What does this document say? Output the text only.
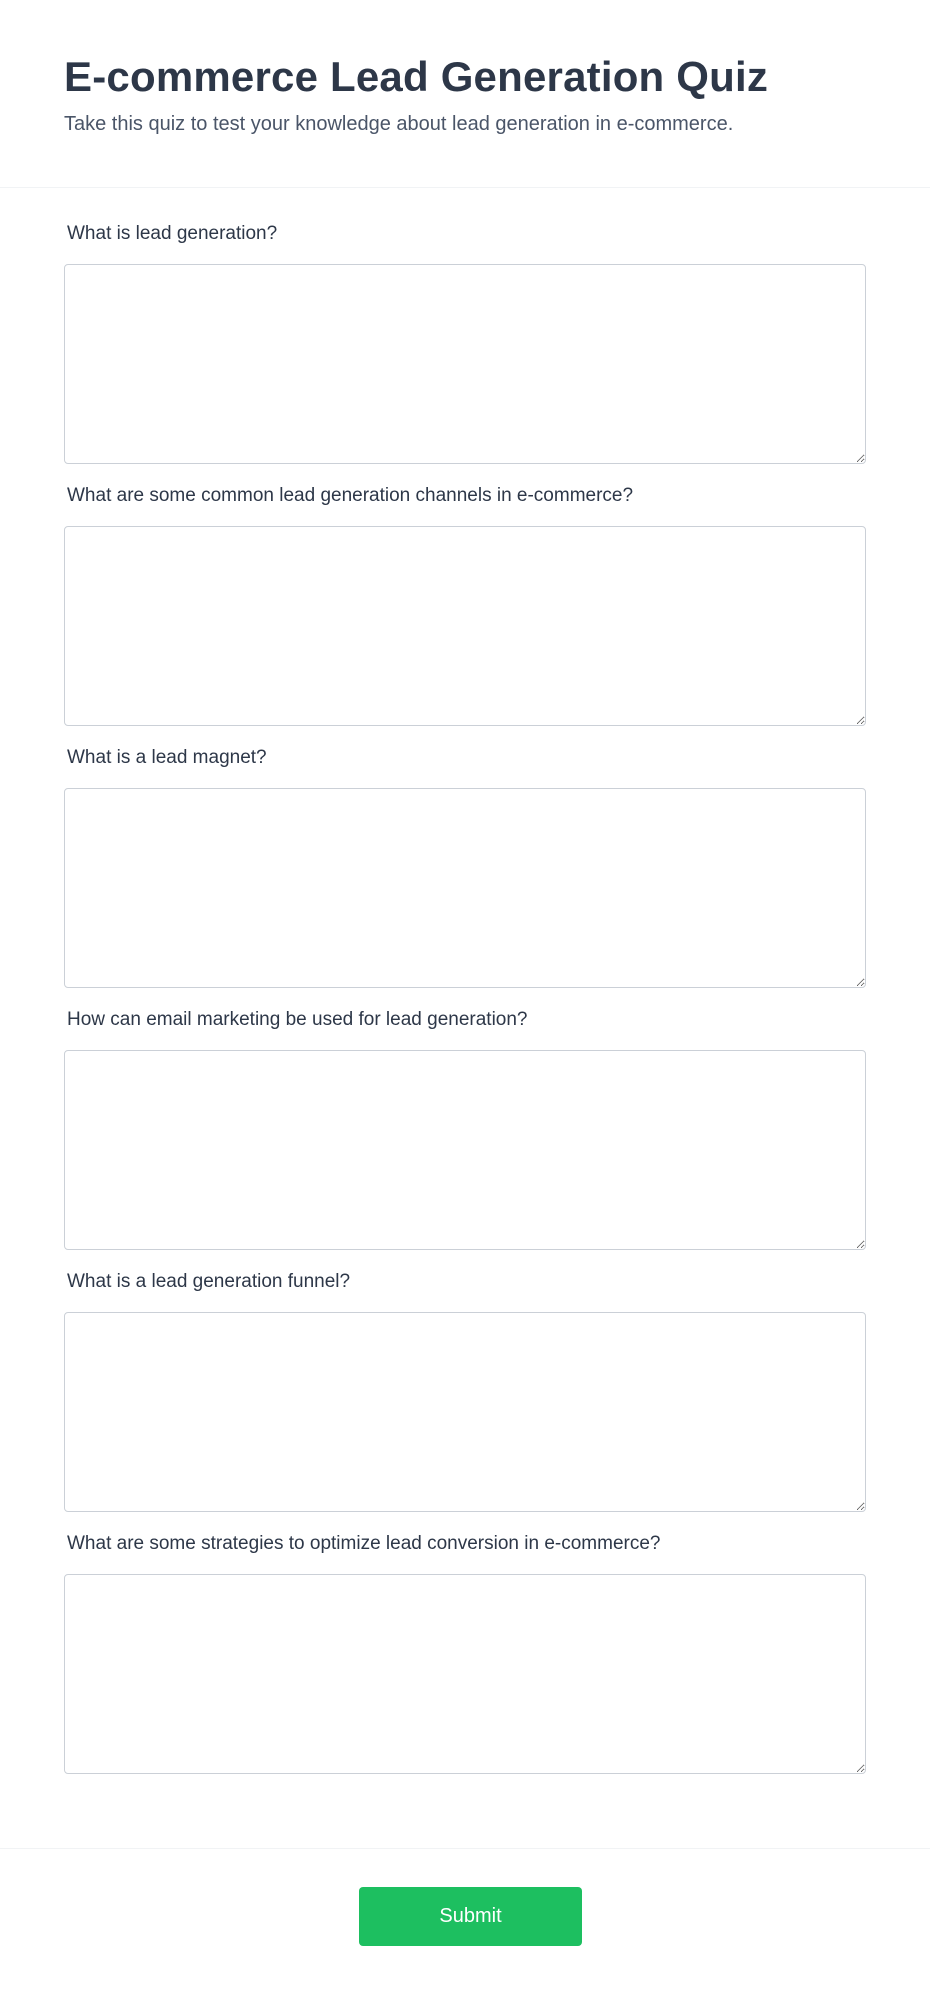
E-commerce Lead Generation Quiz

Take this quiz to test your knowledge about lead generation in e-commerce.

What is lead generation?
What are some common lead generation channels in e-commerce?
What is a lead magnet?
How can email marketing be used for lead generation?
What is a lead generation funnel?
What are some strategies to optimize lead conversion in e-commerce?
Submit
